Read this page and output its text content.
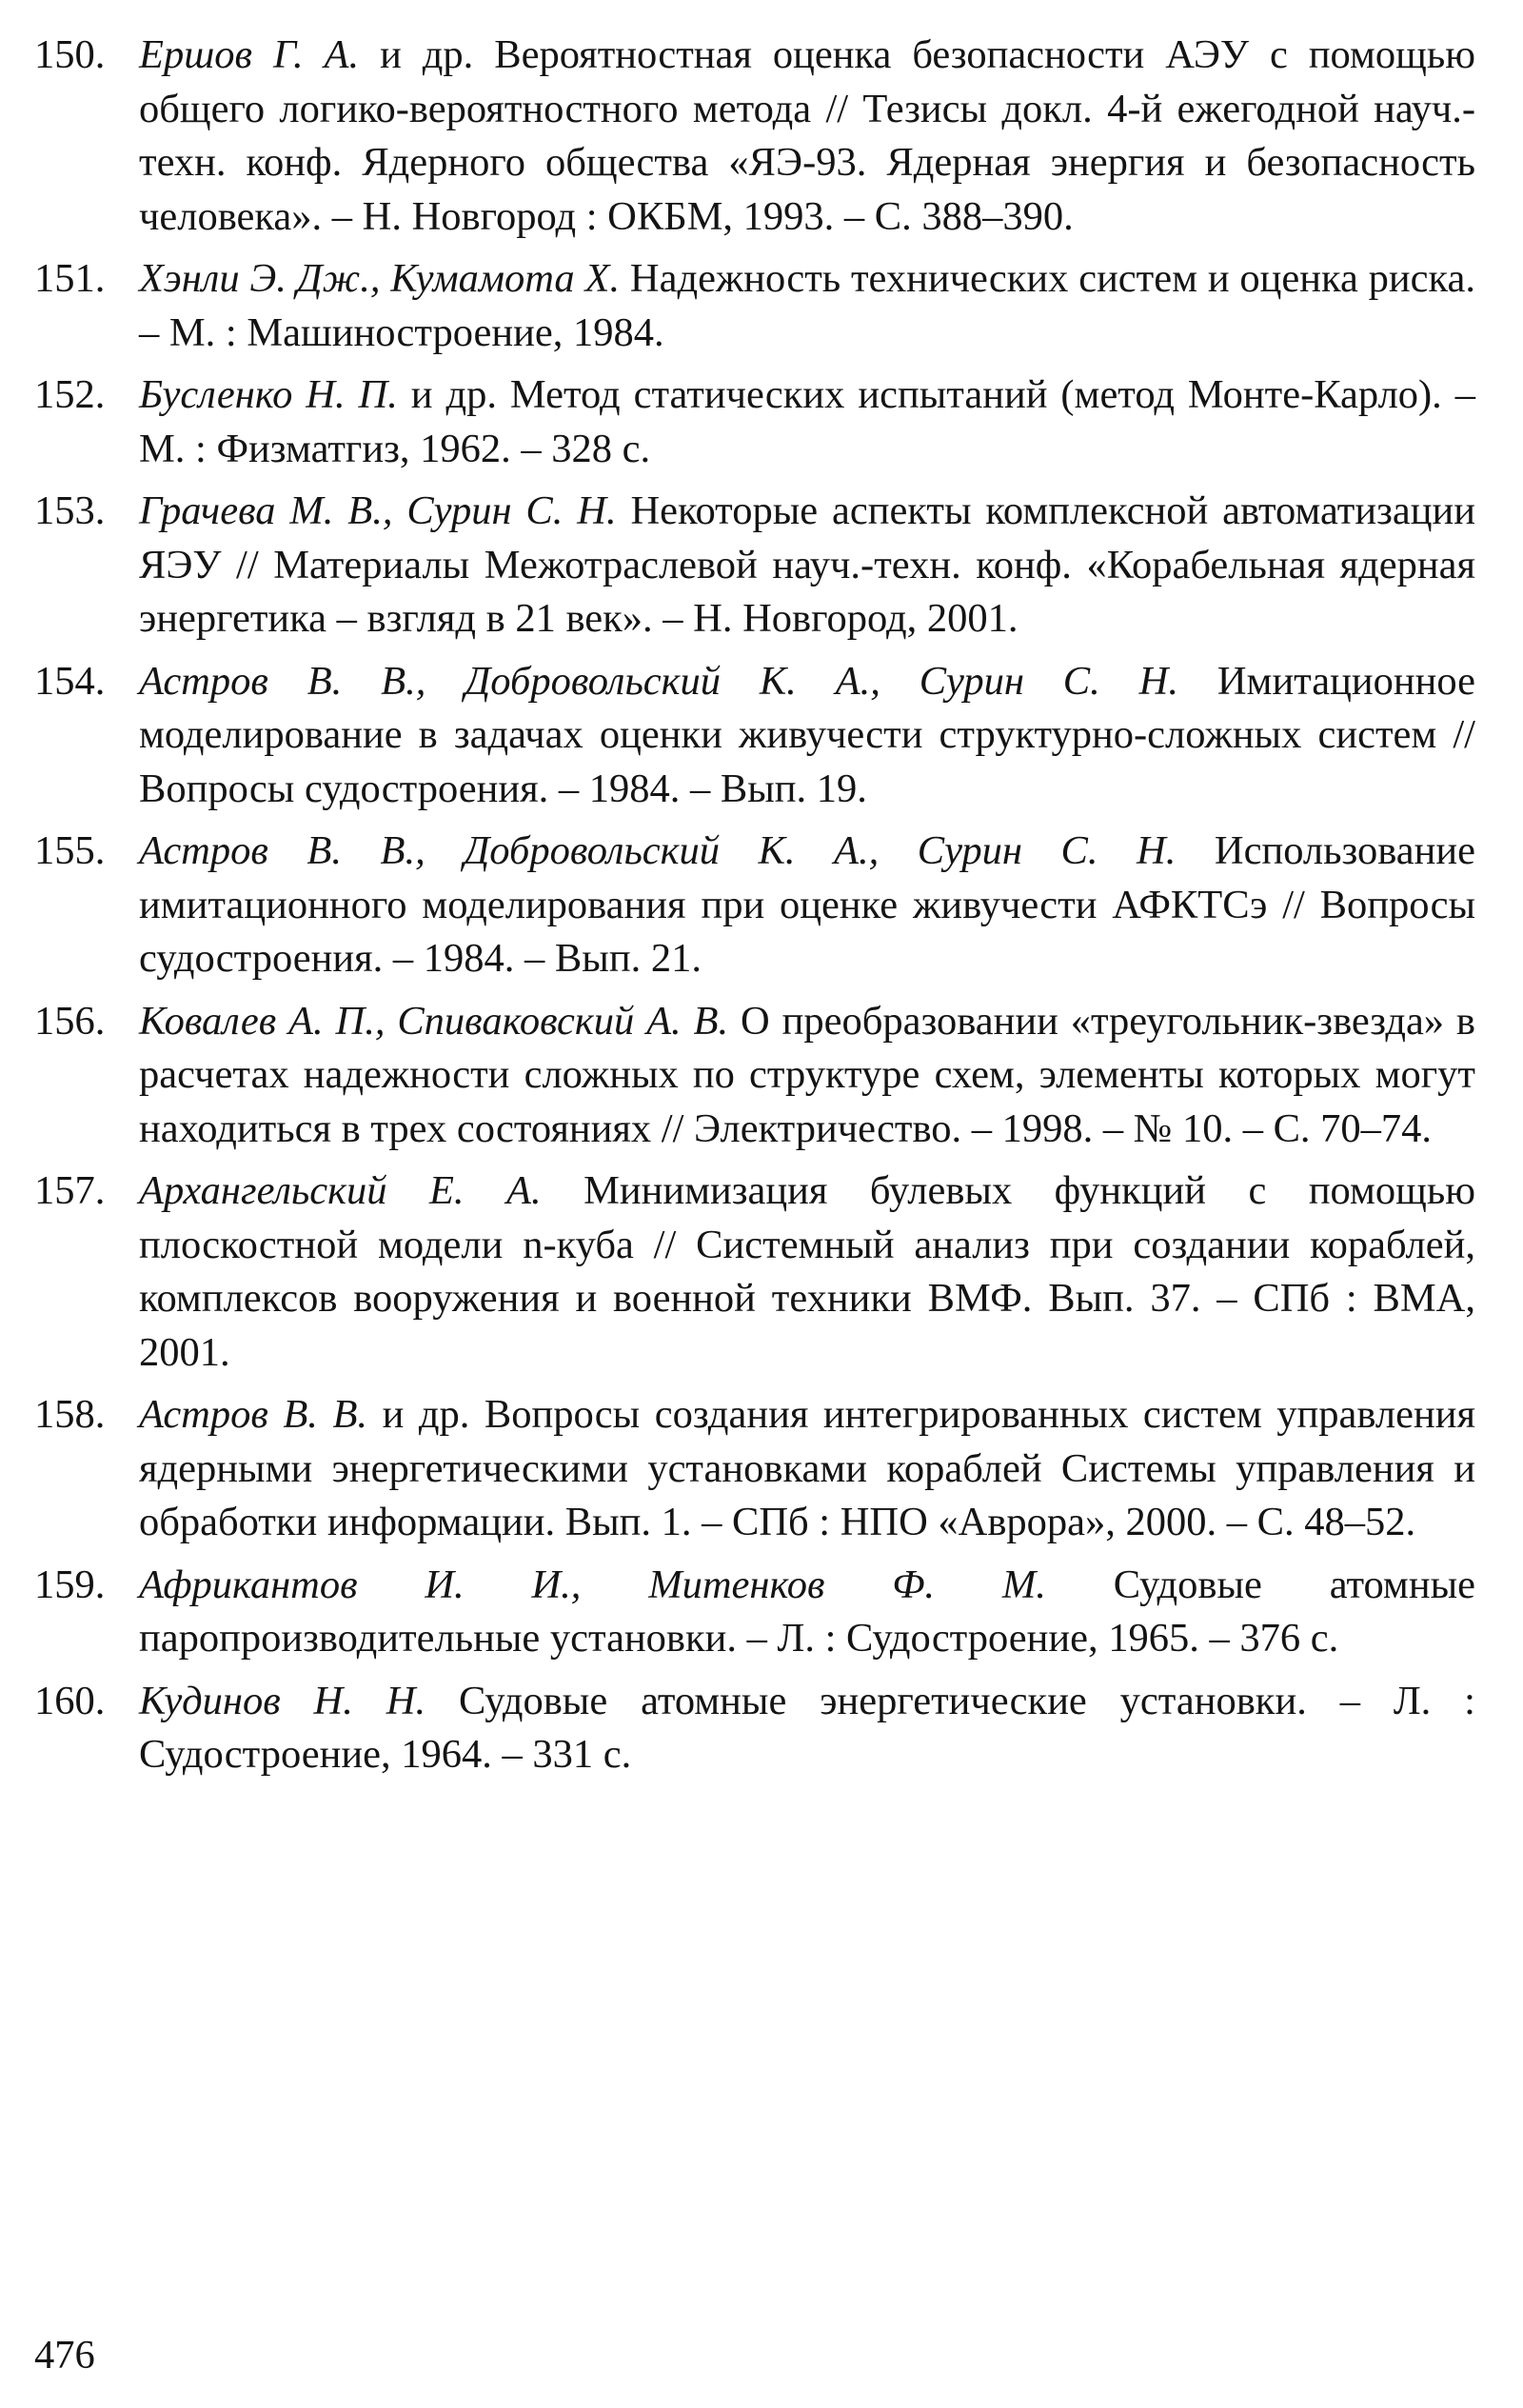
150. Ершов Г. А. и др. Вероятностная оценка безопасности АЭУ с помощью общего логико-вероятностного метода // Тезисы докл. 4-й ежегодной науч.-техн. конф. Ядерного общества «ЯЭ-93. Ядерная энергия и безопасность человека». – Н. Новгород : ОКБМ, 1993. – С. 388–390.
151. Хэнли Э. Дж., Кумамота Х. Надежность технических систем и оценка риска. – М. : Машиностроение, 1984.
152. Бусленко Н. П. и др. Метод статических испытаний (метод Монте-Карло). – М. : Физматгиз, 1962. – 328 с.
153. Грачева М. В., Сурин С. Н. Некоторые аспекты комплексной автоматизации ЯЭУ // Материалы Межотраслевой науч.-техн. конф. «Корабельная ядерная энергетика – взгляд в 21 век». – Н. Новгород, 2001.
154. Астров В. В., Добровольский К. А., Сурин С. Н. Имитационное моделирование в задачах оценки живучести структурно-сложных систем // Вопросы судостроения. – 1984. – Вып. 19.
155. Астров В. В., Добровольский К. А., Сурин С. Н. Использование имитационного моделирования при оценке живучести АФКТСэ // Вопросы судостроения. – 1984. – Вып. 21.
156. Ковалев А. П., Спиваковский А. В. О преобразовании «треугольник-звезда» в расчетах надежности сложных по структуре схем, элементы которых могут находиться в трех состояниях // Электричество. – 1998. – № 10. – С. 70–74.
157. Архангельский Е. А. Минимизация булевых функций с помощью плоскостной модели n-куба // Системный анализ при создании кораблей, комплексов вооружения и военной техники ВМФ. Вып. 37. – СПб : ВМА, 2001.
158. Астров В. В. и др. Вопросы создания интегрированных систем управления ядерными энергетическими установками кораблей Системы управления и обработки информации. Вып. 1. – СПб : НПО «Аврора», 2000. – С. 48–52.
159. Африкантов И. И., Митенков Ф. М. Судовые атомные паропроизводительные установки. – Л. : Судостроение, 1965. – 376 с.
160. Кудинов Н. Н. Судовые атомные энергетические установки. – Л. : Судостроение, 1964. – 331 с.
476
